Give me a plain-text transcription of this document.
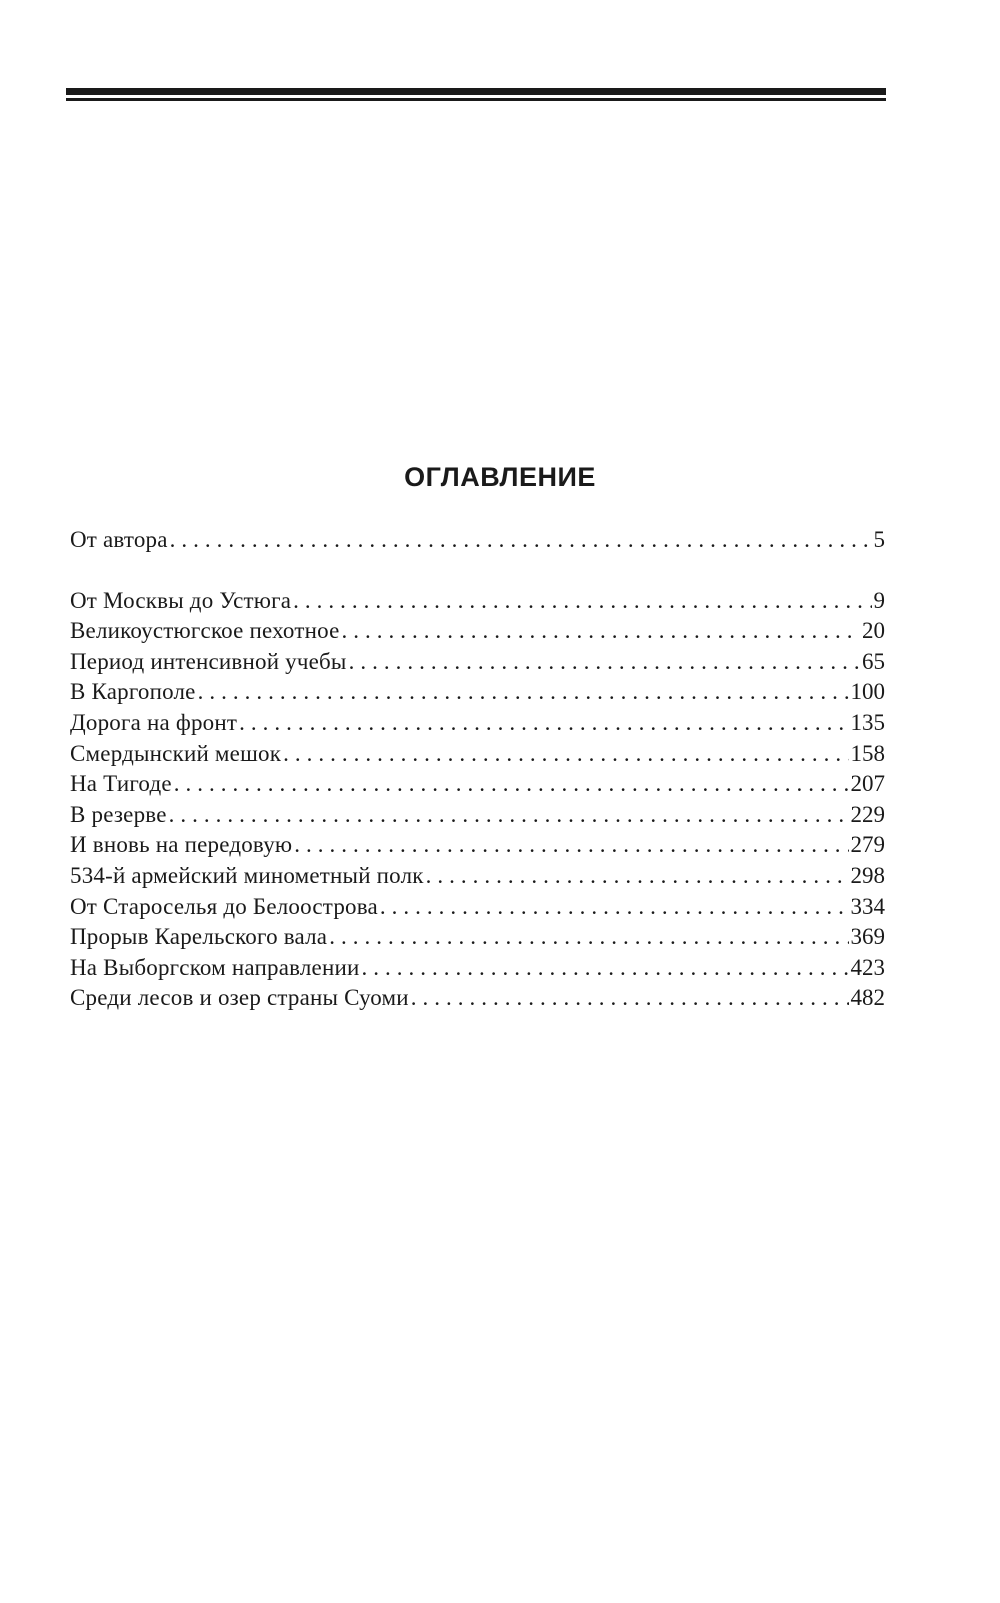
ОГЛАВЛЕНИЕ
От автора .....	5
От Москвы до Устюга .....	9
Великоустюгское пехотное .....	20
Период интенсивной учебы .....	65
В Каргополе .....	100
Дорога на фронт .....	135
Смердынский мешок .....	158
На Тигоде .....	207
В резерве .....	229
И вновь на передовую .....	279
534-й армейский минометный полк .....	298
От Староселья до Белоострова .....	334
Прорыв Карельского вала .....	369
На Выборгском направлении .....	423
Среди лесов и озер страны Суоми .....	482
